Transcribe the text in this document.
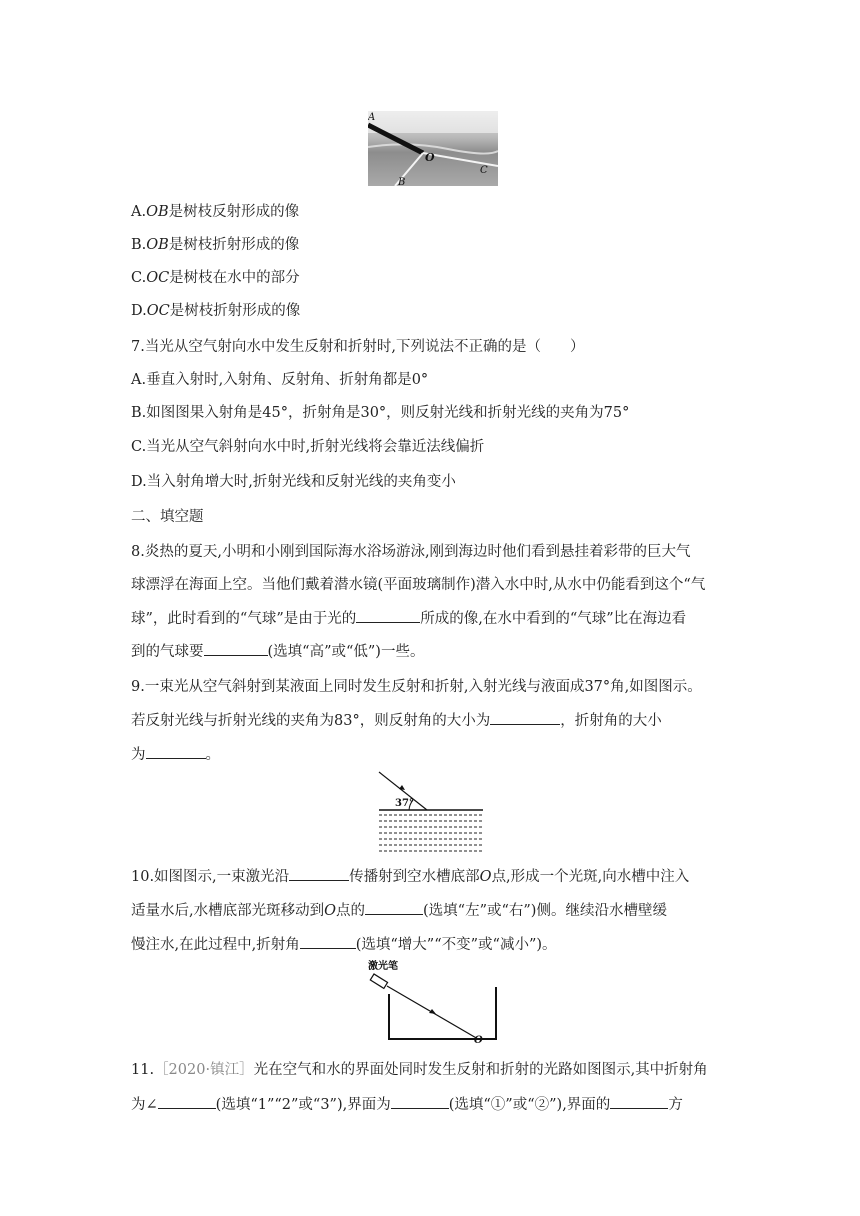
A
O
B
C
A.OB是树枝反射形成的像
B.OB是树枝折射形成的像
C.OC是树枝在水中的部分
D.OC是树枝折射形成的像
7.当光从空气射向水中发生反射和折射时,下列说法不正确的是（　　）
A.垂直入射时,入射角、反射角、折射角都是0°
B.如图图果入射角是45°，折射角是30°，则反射光线和折射光线的夹角为75°
C.当光从空气斜射向水中时,折射光线将会靠近法线偏折
D.当入射角增大时,折射光线和反射光线的夹角变小
二、填空题
8.炎热的夏天,小明和小刚到国际海水浴场游泳,刚到海边时他们看到悬挂着彩带的巨大气
球漂浮在海面上空。当他们戴着潜水镜(平面玻璃制作)潜入水中时,从水中仍能看到这个“气
球”，此时看到的“气球”是由于光的	所成的像,在水中看到的“气球”比在海边看
到的气球要	(选填“高”或“低”)一些。
9.一束光从空气斜射到某液面上同时发生反射和折射,入射光线与液面成37°角,如图图示。
若反射光线与折射光线的夹角为83°，则反射角的大小为	，折射角的大小
为	。
37°
10.如图图示,一束激光沿	传播射到空水槽底部O点,形成一个光斑,向水槽中注入
适量水后,水槽底部光斑移动到O点的	(选填“左”或“右”)侧。继续沿水槽壁缓
慢注水,在此过程中,折射角	(选填“增大”“不变”或“减小”)。
激光笔
O
11.［2020·镇江］光在空气和水的界面处同时发生反射和折射的光路如图图示,其中折射角
为∠	(选填“1”“2”或“3”),界面为	(选填“①”或“②”),界面的	方
